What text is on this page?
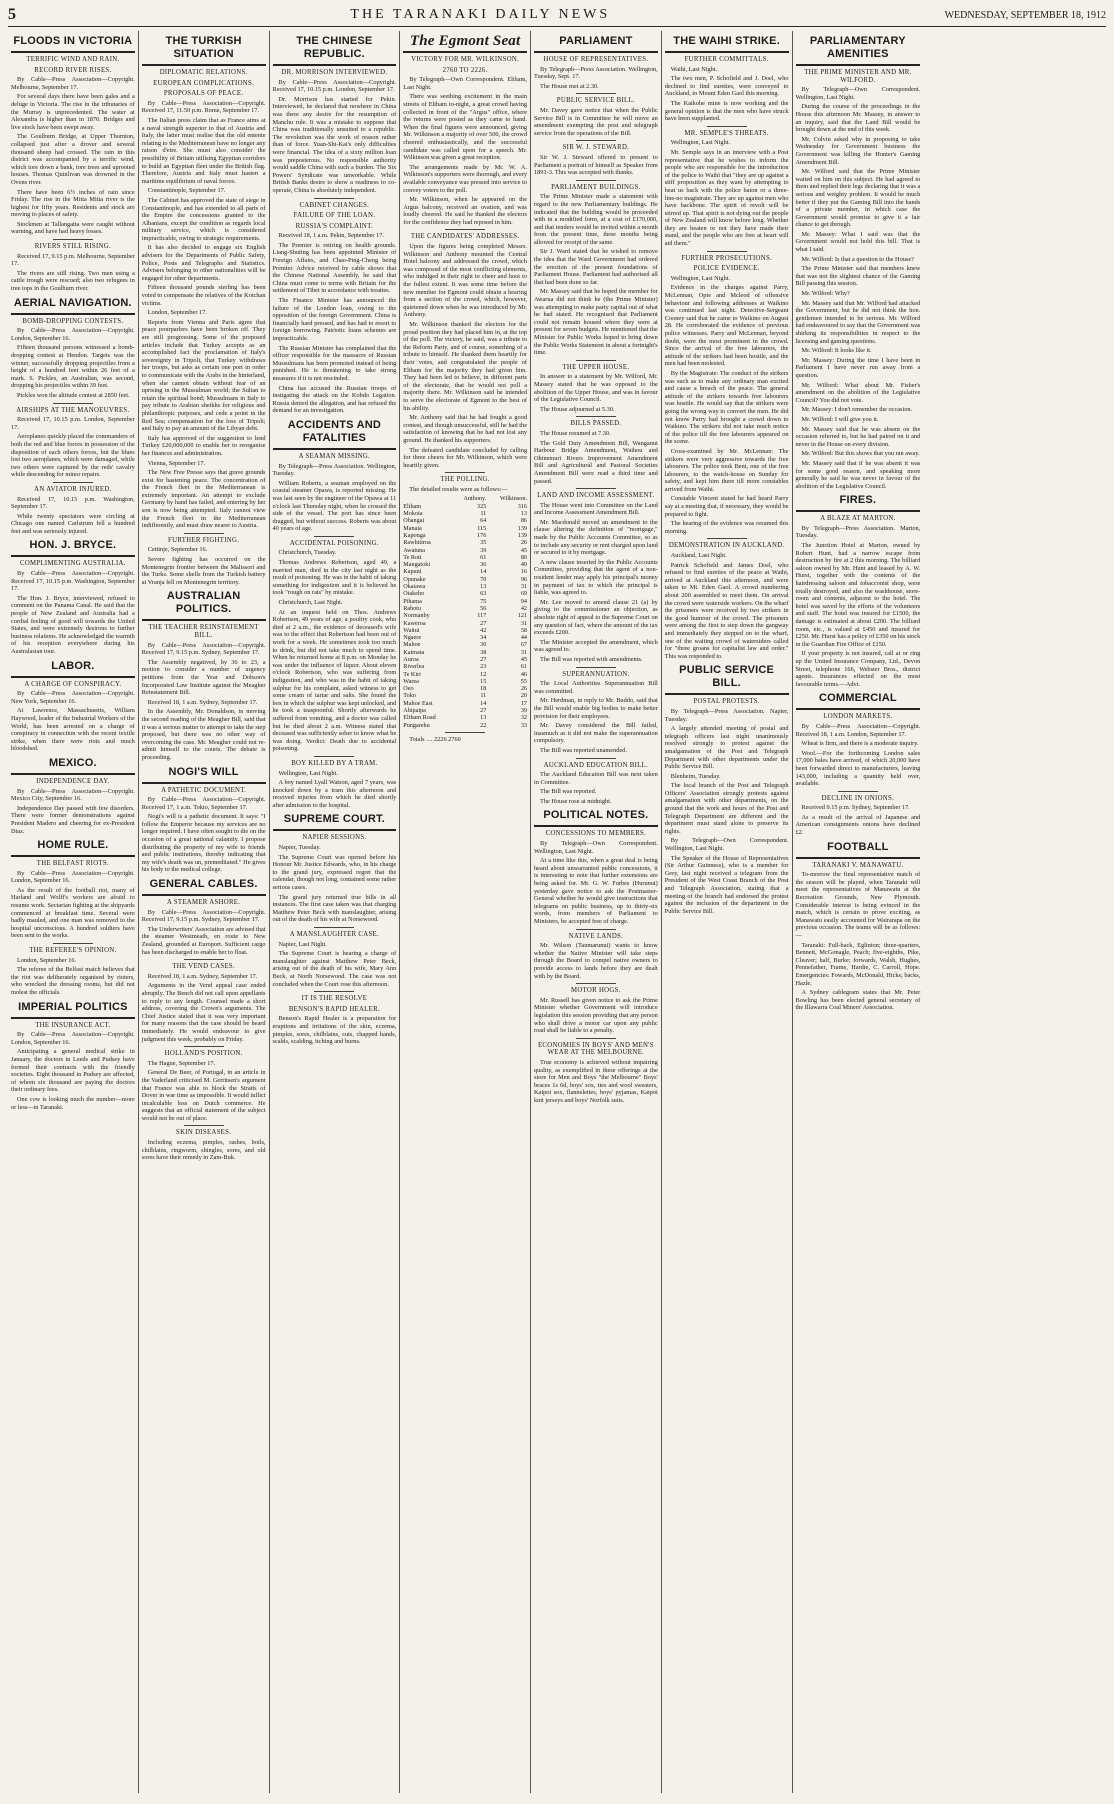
5	THE TARANAKI DAILY NEWS	WEDNESDAY, SEPTEMBER 18, 1912
FLOODS IN VICTORIA
TERRIFIC WIND AND RAIN.
RECORD RIVER RISES.

By Cable—Press Association—Copyright. Melbourne, September 17.

For several days there have been gales and a deluge in Victoria. The rise in the tributaries of the Murray is unprecedented. The water at Alexandra is higher than in 1870. Bridges and live stock have been swept away.

The Goulburn Bridge, at Upper Thornton, collapsed just after a drover and several thousand sheep had crossed. The rain in this district was accompanied by a terrific wind, which tore down a bank, tore trees and uprooted houses. Thomas Quinlivan was drowned in the Ovens river.

There have been 6½ inches of rain since Friday. The rise in the Mitta Mitta river is the highest for fifty years. Residents and stock are moving to places of safety.

Stockmen at Tallangatta were caught without warning, and have had heavy losses.

RIVERS STILL RISING.

Received 17, 9.15 p.m. Melbourne, September 17.

The rivers are still rising. Two men using a cattle trough were rescued; also two refugees in tree tops in the Goulburn river.

AERIAL NAVIGATION.
BOMB-DROPPING CONTESTS.

By Cable—Press Association—Copyright. London, September 16.

Fifteen thousand persons witnessed a bomb-dropping contest at Hendon. Targets was the winner, successfully dropping projectiles from a height of a hundred feet within 26 feet of a mark. S. Pickles, an Australian, was second, dropping his projectiles within 39 feet.

Pickles won the altitude contest at 2850 feet.

AIRSHIPS AT THE MANOEUVRES.

Received 17, 10.15 p.m. London, September 17.

Aeroplanes quickly placed the commanders of both the red and blue forces in possession of the disposition of each others forces, but the blues lost two aeroplanes, which were damaged, while two others were captured by the reds' cavalry while descending for minor repairs.

AN AVIATOR INJURED.

Received 17, 10.15 p.m. Washington, September 17.

While twenty spectators were circling at Chicago one named Carlstrum fell a hundred feet and was seriously injured.

HON. J. BRYCE.
COMPLIMENTING AUSTRALIA.

By Cable—Press Association—Copyright. Received 17, 10.15 p.m. Washington, September 17.

The Hon. J. Bryce, interviewed, refused to comment on the Panama Canal. He said that the people of New Zealand and Australia had a cordial feeling of good will towards the United States, and were extremely desirous to further business relations. He acknowledged the warmth of his reception everywhere during his Australasian tour.

LABOR.
A CHARGE OF CONSPIRACY.

By Cable—Press Association—Copyright. New York, September 16.

At Lawrence, Massachusetts, William Haywood, leader of the Industrial Workers of the World, has been arrested on a charge of conspiracy in connection with the recent textile strike, when there were riots and much bloodshed.

MEXICO.
INDEPENDENCE DAY.

By Cable—Press Association—Copyright. Mexico City, September 16.

Independence Day passed with few disorders. There were former demonstrations against President Madero and cheering for ex-President Diaz.

HOME RULE.
THE BELFAST RIOTS.

By Cable—Press Association—Copyright. London, September 16.

As the result of the football riot, many of Harland and Wolff's workers are afraid to resume work. Sectarian fighting at the shipyards commenced at breakfast time. Several were badly mauled, and one man was removed to the hospital unconscious. A hundred soldiers have been sent to the works.

THE REFEREE'S OPINION.

London, September 16.

The referee of the Belfast match believes that the riot was deliberately organised by rioters, who wrecked the dressing rooms, but did not molest the officials.

IMPERIAL POLITICS
THE INSURANCE ACT.

By Cable—Press Association—Copyright. London, September 16.

Anticipating a general medical strike in January, the doctors in Leeds and Pudsey have formed their contracts with the friendly societies. Eight thousand in Pudsey are affected, of whom six thousand are paying the doctors their ordinary fees.

One cow is looking much the number—more or less—in Taranaki.

THE TURKISH SITUATION
DIPLOMATIC RELATIONS.
EUROPEAN COMPLICATIONS.
PROPOSALS OF PEACE.

By Cable—Press Association—Copyright. Received 17, 11.50 p.m. Rome, September 17.

The Italian press claim that as France aims at a naval strength superior to that of Austria and Italy, the latter must realise that the old entente relating to the Mediterranean have no longer any raison d'etre. She must also consider the possibility of Britain utilising Egyptian corridors to build an Egyptian fleet under the British flag. Therefore, Austria and Italy must hasten a maritime equilibrium of naval forces.

Constantinople, September 17.

The Cabinet has approved the state of siege in Constantinople, and has extended to all parts of the Empire the concessions granted to the Albanians, except the condition as regards local military service, which is considered impracticable, owing to strategic requirements.

It has also decided to engage six English advisers for the Departments of Public Safety, Police, Posts and Telegraphs and Statistics. Advisers belonging to other nationalities will be engaged for other departments.

Fifteen thousand pounds sterling has been voted to compensate the relatives of the Kotchan victims.

London, September 17.

Reports from Vienna and Paris agree that peace pourparlers have been broken off. They are still progressing. Some of the proposed articles include that Turkey accepts as an accomplished fact the proclamation of Italy's sovereignty in Tripoli, that Turkey withdraws her troops, but asks as certain one port in order to communicate with the Arabs in the hinterland, when she cannot obtain without fear of an uprising in the Mussulman world; the Sultan to retain the spiritual bond; Mussulmans in Italy to pay tribute to Arabian sheikhs for religious and philanthropic purposes, and cede a point in the Red Sea; compensation for the loss of Tripoli; and Italy to pay an amount of the Libyan debt.

Italy has approved of the suggestion to lend Turkey £20,000,000 to enable her to reorganise her finances and administration.

Vienna, September 17.

The New Free Presse says that grave grounds exist for hastening peace. The concentration of the French fleet in the Mediterranean is extremely important. An attempt to exclude Germany by hand has failed, and entering by her son is now being attempted. Italy cannot view the French fleet in the Mediterranean indifferently, and must draw nearer to Austria.

FURTHER FIGHTING.

Cettinje, September 16.

Severe fighting has occurred on the Montenegrin frontier between the Malissori and the Turks. Some shells from the Turkish battery at Vranja fell on Montenegrin territory.

AUSTRALIAN POLITICS.
THE TEACHER REINSTATEMENT BILL.

By Cable—Press Association—Copyright. Received 17, 9.15 p.m. Sydney, September 17.

The Assembly negatived, by 36 to 23, a motion to consider a number of urgency petitions from the Year and Dobson's Incorporated Law Institute against the Meagher Reinstatement Bill.

Received 18, 1 a.m. Sydney, September 17.

In the Assembly, Mr. Donaldson, in moving the second reading of the Meagher Bill, said that it was a serious matter to attempt to take the step proposed, but there was no other way of overcoming the case. Mr. Meagher could not re-admit himself to the courts. The debate is proceeding.

NOGI'S WILL
A PATHETIC DOCUMENT.

By Cable—Press Association—Copyright. Received 17, 1 a.m. Tokio, September 17.

Nogi's will is a pathetic document. It says: "I follow the Emperor because my services are no longer required. I have often sought to die on the occasion of a great national calamity. I propose distributing the property of my wife to friends and public institutions, thereby indicating that my wife's death was un, premeditated." He gives his body to the medical college.

GENERAL CABLES.
A STEAMER ASHORE.

By Cable—Press Association—Copyright. Received 17, 9.15 p.m. Sydney, September 17.

The Underwriters' Association are advised that the steamer Westmeath, en route to New Zealand, grounded at Europort. Sufficient cargo has been discharged to enable her to float.

THE VEND CASES.

Received 18, 1 a.m. Sydney, September 17.

Arguments in the Vend appeal case ended abruptly. The Bench did not call upon appellants to reply to any length. Counsel made a short address, covering the Crown's arguments. The Chief Justice stated that it was very important for many reasons that the case should be heard immediately. He would endeavour to give judgment this week, probably on Friday.

HOLLAND'S POSITION.

The Hague, September 17.

General De Beer, of Portugal, in an article in the Vaderland criticised M. Gerritsen's argument that France was able to block the Straits of Dover in war time as impossible. It would inflict incalculable loss on Dutch commerce. He suggests that an official statement of the subject would not be out of place.

SKIN DISEASES.

Including eczema, pimples, rashes, boils, chilblains, ringworm, shingles, sores, and old sores have their remedy in Zam-Buk.

THE CHINESE REPUBLIC.
DR. MORRISON INTERVIEWED.

By Cable—Press Association—Copyright. Received 17, 10.15 p.m. London, September 17.

Dr. Morrison has started for Pekin. Interviewed, he declared that nowhere in China was there any desire for the resumption of Manchu rule. It was a mistake to suppose that China was traditionally unsuited to a republic. The revolution was the work of reason rather than of force. Yuan-Shi-Kai's only difficulties were financial. The idea of a sixty million loan was preposterous. No responsible authority would saddle China with such a burden. The Six Powers' Syndicate was unworkable. While British Banks desire to show a readiness to co-operate, China is absolutely independent.

CABINET CHANGES.
FAILURE OF THE LOAN.
RUSSIA'S COMPLAINT.

Received 18, 1 a.m. Pekin, September 17.

The Premier is retiring on health grounds. Liang-Shuting has been appointed Minister of Foreign Affairs, and Chao-Ping-Cheng being Premier. Advice received by cable shows that the Chinese National Assembly, he said that China must come to terms with Britain for the settlement of Tibet in accordance with treaties.

The Finance Minister has announced the failure of the London loan, owing to the opposition of the foreign Government. China is financially hard pressed, and has had to resort to foreign borrowing. Patriotic loans schemes are impracticable.

The Russian Minister has complained that the officer responsible for the massacre of Russian Mussulmans has been promoted instead of being punished. He is threatening to take strong measures if it is not rescinded.

China has accused the Russian troops of instigating the attack on the Kobdo Legation. Russia denied the allegation, and has refused the demand for an investigation.

ACCIDENTS AND FATALITIES
A SEAMAN MISSING.

By Telegraph—Press Association. Wellington, Tuesday.

William Roberts, a seaman employed on the coastal steamer Opawa, is reported missing. He was last seen by the engineer of the Opawa at 11 o'clock last Thursday night, when he crossed the side of the vessel. The port has since been dragged, but without success. Roberts was about 40 years of age.

ACCIDENTAL POISONING.

Christchurch, Tuesday.

Thomas Andrews Robertson, aged 49, a married man, died in the city last night as the result of poisoning. He was in the habit of taking something for indigestion and it is believed he took "rough on rats" by mistake.

Christchurch, Last Night.

At an inquest held on Thos. Andrews Robertson, 49 years of age, a poultry cook, who died at 2 a.m., the evidence of deceased's wife was to the effect that Robertson had been out of work for a week. He sometimes took too much to drink, but did not take much to spend time. When he returned home at 8 p.m. on Monday he was under the influence of liquor. About eleven o'clock Robertson, who was suffering from indigestion, and who was in the habit of taking sulphur for his complaint, asked witness to get some cream of tartar and salts. She found the box in which the sulphur was kept unlocked, and he took a teaspoonful. Shortly afterwards he suffered from vomiting, and a doctor was called but he died about 2 a.m. Witness stated that deceased was sufficiently sober to know what he was doing. Verdict: Death due to accidental poisoning.

BOY KILLED BY A TRAM.

Wellington, Last Night.

A boy named Lyall Watson, aged 7 years, was knocked down by a tram this afternoon and received injuries from which he died shortly after admission to the hospital.

SUPREME COURT.
NAPIER SESSIONS.

Napier, Tuesday.

The Supreme Court was opened before his Honour Mr. Justice Edwards, who, in his charge to the grand jury, expressed regret that the calendar, though not long, contained some rather serious cases.

The grand jury returned true bills in all instances. The first case taken was that charging Matthew Peter Beck with manslaughter, arising out of the death of his wife at Norsewood.

A MANSLAUGHTER CASE.

Napier, Last Night.

The Supreme Court is hearing a charge of manslaughter against Matthew Peter Beck, arising out of the death of his wife, Mary Ann Beck, at North Norsewood. The case was not concluded when the Court rose this afternoon.

IT IS THE RESOLVE
BENSON'S RAPID HEALER.

Benson's Rapid Healer is a preparation for eruptions and irritations of the skin, eczema, pimples, sores, chilblains, cuts, chapped hands, scalds, scalding, itching and burns.

The Egmont Seat
VICTORY FOR MR. WILKINSON.
2760 TO 2226.

By Telegraph—Own Correspondent. Eltham, Last Night.

There was seething excitement in the main streets of Eltham to-night, a great crowd having collected in front of the "Argus" office, where the returns were posted as they came to hand. When the final figures were announced, giving Mr. Wilkinson a majority of over 500, the crowd cheered enthusiastically, and the successful candidate was called upon for a speech. Mr. Wilkinson was given a great reception.

The arrangements made by Mr. W. A. Wilkinson's supporters were thorough, and every available conveyance was pressed into service to convey voters to the poll.

Mr. Wilkinson, when he appeared on the Argus balcony, received an ovation, and was loudly cheered. He said he thanked the electors for the confidence they had reposed in him.

THE CANDIDATES' ADDRESSES.

Upon the figures being completed Messrs. Wilkinson and Anthony mounted the Central Hotel balcony and addressed the crowd, which was composed of the most conflicting elements, who indulged in their right to cheer and hoot to the fullest extent. It was some time before the new member for Egmont could obtain a hearing from a section of the crowd, which, however, quietened down when he was introduced by Mr. Anthony.

Mr. Wilkinson thanked the electors for the proud position they had placed him in, at the top of the poll. The victory, he said, was a tribute to the Reform Party, and of course, something of a tribute to himself. He thanked them heartily for their votes, and congratulated the people of Eltham for the majority they had given him. They had been led to believe, in different parts of the electorate, that he would not poll a majority there. Mr. Wilkinson said he intended to serve the electorate of Egmont to the best of his ability.

Mr. Anthony said that he had fought a good contest, and though unsuccessful, still he had the satisfaction of knowing that he had not lost any ground. He thanked his supporters.

The defeated candidate concluded by calling for three cheers for Mr. Wilkinson, which were heartily given.

THE POLLING.

The detailed results were as follows:—

	Anthony.	Wilkinson.
Eltham	325	316
Mokoia	11	13
Ohangai	64	86
Manaia	115	139
Kaponga	176	139
Rawhitiroa	35	26
Awatuna	39	45
Te Roti	61	80
Mangatoki	36	49
Kapuni	14	16
Opunake	70	96
Okaiawa	13	31
Otakeho	63	69
Pihama	75	94
Rahotu	56	42
Normanby	117	121
Kaweroa	27	31
Waitui	42	58
Ngaere	34	44
Mahoe	30	67
Kaimata	38	31
Auroa	27	45
Riverlea	23	61
Te Kiri	12	46
Warea	15	55
Oeo	18	26
Toko	11	20
Mahoe East	14	17
Ahipaipa	27	39
Eltham Road	13	32
Pungarehu	22	33

Totals .... 2226 2760

PARLIAMENT
HOUSE OF REPRESENTATIVES.

By Telegraph—Press Association. Wellington, Tuesday, Sept. 17.

The House met at 2.30.

PUBLIC SERVICE BILL.

Mr. Davey gave notice that when the Public Service Bill is in Committee he will move an amendment exempting the post and telegraph service from the operations of the Bill.

SIR W. J. STEWARD.

Sir W. J. Steward offered to present to Parliament a portrait of himself as Speaker from 1891-3. This was accepted with thanks.

PARLIAMENT BUILDINGS.

The Prime Minister made a statement with regard to the new Parliamentary buildings. He indicated that the building would be proceeded with in a modified form, at a cost of £170,000, and that tenders would be invited within a month from the present time, three months being allowed for receipt of the same.

Sir J. Ward stated that he wished to remove the idea that the Ward Government had ordered the erection of the present foundations of Parliament House. Parliament had authorised all that had been done so far.

Mr. Massey said that he hoped the member for Awarua did not think he (the Prime Minister) was attempting to make party capital out of what he had stated. He recognised that Parliament could not remain housed where they were at present for seven budgets. He mentioned that the Minister for Public Works hoped to bring down the Public Works Statement in about a fortnight's time.

THE UPPER HOUSE.

In answer to a statement by Mr. Wilford, Mr. Massey stated that he was opposed to the abolition of the Upper House, and was in favour of the Legislative Council.

The House adjourned at 5.30.

BILLS PASSED.

The House resumed at 7.30.

The Gold Duty Amendment Bill, Wanganui Harbour Bridge Amendment, Waihou and Ohinemuri Rivers Improvement Amendment Bill and Agricultural and Pastoral Societies Amendment Bill were read a third time and passed.

LAND AND INCOME ASSESSMENT.

The House went into Committee on the Land and Income Assessment Amendment Bill.

Mr. Macdonald moved an amendment to the clause altering the definition of "mortgage," made by the Public Accounts Committee, so as to include any security or rent charged upon land or secured to it by mortgage.

A new clause inserted by the Public Accounts Committee, providing that the agent of a non-resident lender may apply his principal's money in payment of tax to which the principal is liable, was agreed to.

Mr. Lee moved to amend clause 21 (a) by giving to the commissioner an objection, as absolute right of appeal to the Supreme Court on any question of fact, where the amount of the tax exceeds £200.

The Minister accepted the amendment, which was agreed to.

The Bill was reported with amendments.

SUPERANNUATION.

The Local Authorities Superannuation Bill was committed.

Mr. Herdman, in reply to Mr. Buddo, said that the Bill would enable big bodies to make better provision for their employees.

Mr. Davey considered the Bill failed, inasmuch as it did not make the superannuation compulsory.

The Bill was reported unamended.

AUCKLAND EDUCATION BILL.

The Auckland Education Bill was next taken in Committee.

The Bill was reported.

The House rose at midnight.

POLITICAL NOTES.
CONCESSIONS TO MEMBERS.

By Telegraph—Own Correspondent. Wellington, Last Night.

At a time like this, when a great deal is being heard about unwarranted public concessions, it is interesting to note that further extensions are being asked for. Mr. G. W. Forbes (Hurunui) yesterday gave notice to ask the Postmaster-General whether he would give instructions that telegrams on public business, up to thirty-six words, from members of Parliament to Ministers, be accepted free of charge.

NATIVE LANDS.

Mr. Wilson (Taumarunui) wants to know whether the Native Minister will take steps through the Board to compel native owners to provide access to lands before they are dealt with by the Board.

MOTOR HOGS.

Mr. Russell has given notice to ask the Prime Minister whether Government will introduce legislation this session providing that any person who shall drive a motor car upon any public road shall be liable to a penalty.

ECONOMIES IN BOYS' AND MEN'S WEAR AT THE MELBOURNE.

True economy is achieved without impairing quality, as exemplified in these offerings at the store for Men and Boys "the Melbourne" Boys' braces 1s 6d, boys' sox, ties and wool sweaters, Kaipoi sox, flannelettes, boys' pyjamas, Kaipoi knit jerseys and boys' Norfolk suits.

THE WAIHI STRIKE.
FURTHER COMMITTALS.

Waihi, Last Night.

The two men, P. Schofield and J. Doel, who declined to find sureties, were conveyed to Auckland, to Mount Eden Gaol this morning.

The Kaikohe mine is now working and the general opinion is that the men who have struck have been supplanted.

MR. SEMPLE'S THREATS.

Wellington, Last Night.

Mr. Semple says in an interview with a Post representative that he wishes to inform the people who are responsible for the introduction of the police to Waihi that "they are up against a stiff proposition as they want by attempting to beat us back with the police baton or a three-line-no magistrate. They are up against men who have backbone. The spirit of revolt will be stirred up. That spirit is not dying out the people of New Zealand will know before long. Whether they are beaten or not they have made their stand, and the people who are free at heart will aid them."

FURTHER PROSECUTIONS.
POLICE EVIDENCE.

Wellington, Last Night.

Evidence in the charges against Parry, McLennan, Opie and Mcleod of offensive behaviour and following addresses at Waikino was continued last night. Detective-Sergeant Cooney said that he came to Waikino on August 28. He corroborated the evidence of previous police witnesses. Parry and McLennan, beyond doubt, were the most prominent in the crowd. Since the arrival of the free labourers, the attitude of the strikers had been hostile, and the men had been molested.

By the Magistrate: The conduct of the strikers was such as to make any ordinary man excited and cause a breach of the peace. The general attitude of the strikers towards free labourers was hostile. He would say that the strikers were going the wrong way to convert the men. He did not know Parry had brought a crowd down to Waikino. The strikers did not take much notice of the police till the free labourers appeared on the scene.

Cross-examined by Mr. McLennan: The strikers were very aggressive towards the free labourers. The police took Bent, one of the free labourers, to the watch-house on Sunday for safety, and kept him there till more constables arrived from Waihi.

Constable Vincent stated he had heard Parry say at a meeting that, if necessary, they would be prepared to fight.

The hearing of the evidence was resumed this morning.

DEMONSTRATION IN AUCKLAND.

Auckland, Last Night.

Patrick Schofield and James Doel, who refused to find sureties of the peace at Waihi, arrived at Auckland this afternoon, and were taken to Mt. Eden Gaol. A crowd numbering about 200 assembled to meet them. On arrival the crowd were waterside workers. On the wharf the prisoners were received by two strikers in the good humour of the crowd. The prisoners were among the first to step down the gangway and immediately they stepped on to the wharf, one of the waiting crowd of watersiders called for "three groans for capitalist law and order." This was responded to.

PUBLIC SERVICE BILL.
POSTAL PROTESTS.

By Telegraph—Press Association. Napier, Tuesday.

A largely attended meeting of postal and telegraph officers last night unanimously resolved strongly to protest against the amalgamation of the Post and Telegraph Department with other departments under the Public Service Bill.

Blenheim, Tuesday.

The local branch of the Post and Telegraph Officers' Association strongly protests against amalgamation with other departments, on the ground that the work and hours of the Post and Telegraph Department are different and the department must stand alone to preserve its rights.

By Telegraph—Own Correspondent. Wellington, Last Night.

The Speaker of the House of Representatives (Sir Arthur Guinness), who is a member for Grey, last night received a telegram from the President of the West Coast Branch of the Post and Telegraph Association, stating that a meeting of the branch had endorsed the protest against the inclusion of the department in the Public Service Bill.

PARLIAMENTARY AMENITIES
THE PRIME MINISTER AND MR. WILFORD.

By Telegraph—Own Correspondent. Wellington, Last Night.

During the course of the proceedings in the House this afternoon Mr. Massey, in answer to an inquiry, said that the Land Bill would be brought down at the end of this week.

Mr. Colvin asked why in proposing to take Wednesday for Government business the Government was killing the Hunter's Gaming Amendment Bill.

Mr. Wilford said that the Prime Minister waited on him on this subject. He had agreed to them and replied their legs declaring that it was a serious and weighty problem. It would be much better if they put the Gaming Bill into the hands of a private member, in which case the Government would promise to give it a fair chance to get through.

Mr. Massey: What I said was that the Government would not hold this bill. That is what I said.

Mr. Wilford: Is that a question to the House?

The Prime Minister said that members knew that was not the slightest chance of the Gaming Bill passing this session.

Mr. Wilford: Why?

Mr. Massey said that Mr. Wilford had attacked the Government, but he did not think the hon. gentlemen intended to be serious. Mr. Wilford had endeavoured to say that the Government was shirking its responsibilities in respect to the licensing and gaming questions.

Mr. Wilford: It looks like it.

Mr. Massey: During the time I have been in Parliament I have never run away from a question.

Mr. Wilford: What about Mr. Fisher's amendment on the abolition of the Legislative Council? You did not vote.

Mr. Massey: I don't remember the occasion.

Mr. Wilford: I will give you it.

Mr. Massey said that he was absent on the occasion referred to, but he had paired on it and never in the House on every division.

Mr. Wilford: But this shows that you ran away.

Mr. Massey said that if he was absent it was for some good reason, and speaking more generally he said he was never in favour of the abolition of the Legislative Council.

FIRES.
A BLAZE AT MARTON.

By Telegraph—Press Association. Marton, Tuesday.

The Junction Hotel at Marton, owned by Robert Hunt, had a narrow escape from destruction by fire at 2 this morning. The billiard saloon owned by Mr. Hunt and leased by A. W. Hurst, together with the contents of the hairdressing saloon and tobacconist shop, were totally destroyed, and also the washhouse, store-room and contents, adjacent to the hotel. The hotel was saved by the efforts of the volunteers and staff. The hotel was insured for £1500, the damage is estimated at about £200. The billiard room, etc., is valued at £450 and insured for £250. Mr. Hurst has a policy of £350 on his stock in the Guardian Fire Office of £150.

If your property is not insured, call at or ring up the United Insurance Company, Ltd., Devon Street, telephone 166, Webster Bros., district agents. Insurances effected on the most favourable terms.—Advt.

COMMERCIAL
LONDON MARKETS.

By Cable—Press Association—Copyright. Received 18, 1 a.m. London, September 17.

Wheat is firm, and there is a moderate inquiry.

Wool.—For the forthcoming London sales 17,000 bales have arrived, of which 20,000 have been forwarded direct to manufacturers, leaving 143,000, including a quantity held over, available.

DECLINE IN ONIONS.

Received 9.15 p.m. Sydney, September 17.

As a result of the arrival of Japanese and American consignments onions have declined £2.

FOOTBALL
TARANAKI V. MANAWATU.

To-morrow the final representative match of the season will be played, when Taranaki will meet the representatives of Manawatu at the Recreation Grounds, New Plymouth. Considerable interest is being evinced in the match, which is certain to prove exciting, as Manawatu easily accounted for Wairarapa on the previous occasion. The teams will be as follows:—

Taranaki: Full-back, Eglinton; three-quarters, Bennett, McGonagle, Peach; five-eighths, Pike, Cleaver; half, Burke; forwards, Walsh, Hughes, Pennefather, Frame, Hardie, C. Carroll, Hope. Emergencies: Fowards, McDonald, Hicks; backs, Hazle.

A Sydney cablegram states that Mr. Peter Bowling has been elected general secretary of the Illawarra Coal Miners' Association.
